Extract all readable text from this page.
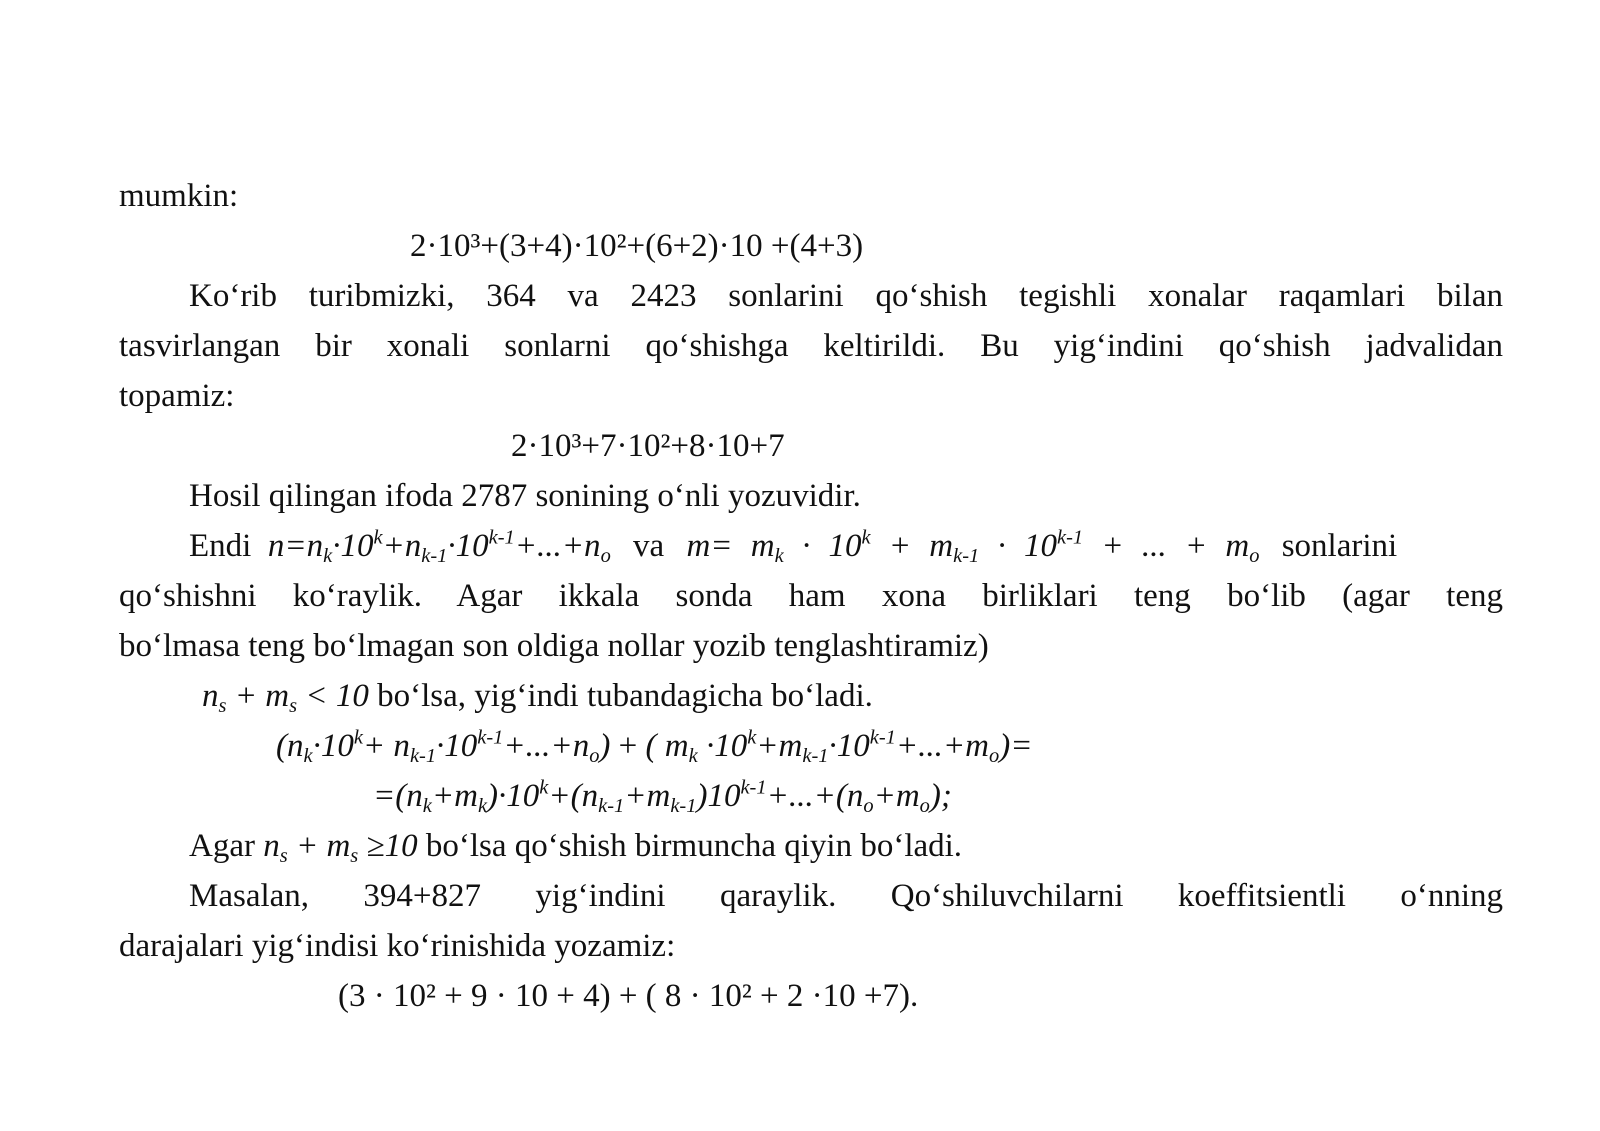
mumkin:
2·10³+(3+4)·10²+(6+2)·10 +(4+3)
Koʻrib turibmizki, 364 va 2423 sonlarini qoʻshish tegishli xonalar raqamlari bilan
tasvirlangan bir xonali sonlarni qoʻshishga keltirildi. Bu yigʻindini qoʻshish jadvalidan
topamiz:
2·10³+7·10²+8·10+7
Hosil qilingan ifoda 2787 sonining oʻnli yozuvidir.
Endi  $n=n_k\cdot 10^k+n_{k-1}\cdot 10^{k-1}+...+n_o$ va $m= m_k \cdot 10^k + m_{k-1} \cdot 10^{k-1}$ + ... + $m_o$ sonlarini
qoʻshishni koʻraylik. Agar ikkala sonda ham xona birliklari teng boʻlib (agar teng
boʻlmasa teng boʻlmagan son oldiga nollar yozib tenglashtiramiz)
$n_s + m_s < 10$ boʻlsa, yigʻindi tubandagicha boʻladi.
$(n_k\cdot 10^k+ n_{k-1}\cdot 10^{k-1}+...+n_o)$ + ( $m_k \cdot 10^k+m_{k-1}\cdot 10^{k-1}+...+m_o)=$
$=(n_k+m_k)\cdot 10^k+(n_{k-1}+m_{k-1})10^{k-1}+...+(n_o+m_o)$;
Agar $n_s + m_s \ge 10$ boʻlsa qoʻshish birmuncha qiyin boʻladi.
Masalan, 394+827 yigʻindini qaraylik. Qoʻshiluvchilarni koeffitsientli oʻnning
darajalari yigʻindisi koʻrinishida yozamiz:
(3 · 10² + 9 · 10 + 4) + ( 8 · 10² + 2 ·10 +7).
